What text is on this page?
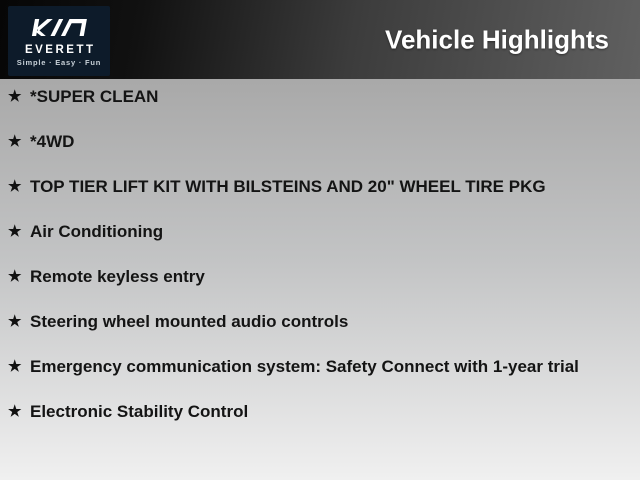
EVERETT
Simple · Easy · Fun
Vehicle Highlights
★ *SUPER CLEAN
★ *4WD
★ TOP TIER LIFT KIT WITH BILSTEINS AND 20" WHEEL TIRE PKG
★ Air Conditioning
★ Remote keyless entry
★ Steering wheel mounted audio controls
★ Emergency communication system: Safety Connect with 1-year trial
★ Electronic Stability Control
